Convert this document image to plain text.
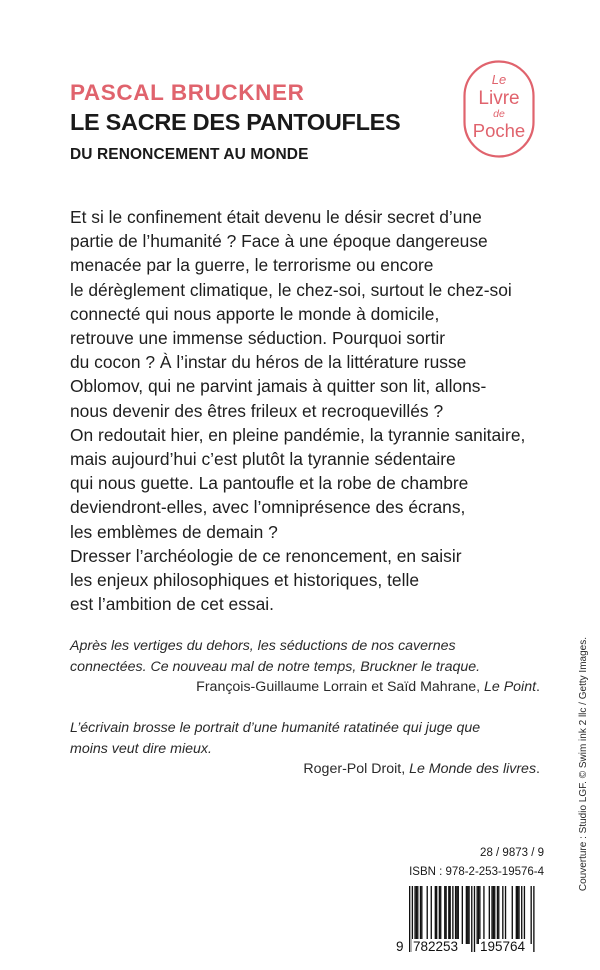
PASCAL BRUCKNER
LE SACRE DES PANTOUFLES
DU RENONCEMENT AU MONDE
Le
Livre
de
Poche

Et si le confinement était devenu le désir secret d’une
partie de l’humanité ? Face à une époque dangereuse
menacée par la guerre, le terrorisme ou encore
le dérèglement climatique, le chez-soi, surtout le chez-soi
connecté qui nous apporte le monde à domicile,
retrouve une immense séduction. Pourquoi sortir
du cocon ? À l’instar du héros de la littérature russe
Oblomov, qui ne parvint jamais à quitter son lit, allons-
nous devenir des êtres frileux et recroquevillés ?
On redoutait hier, en pleine pandémie, la tyrannie sanitaire,
mais aujourd’hui c’est plutôt la tyrannie sédentaire
qui nous guette. La pantoufle et la robe de chambre
deviendront-elles, avec l’omniprésence des écrans,
les emblèmes de demain ?
Dresser l’archéologie de ce renoncement, en saisir
les enjeux philosophiques et historiques, telle
est l’ambition de cet essai.

Après les vertiges du dehors, les séductions de nos cavernes
connectées. Ce nouveau mal de notre temps, Bruckner le traque.
François-Guillaume Lorrain et Saïd Mahrane, Le Point.
L’écrivain brosse le portrait d’une humanité ratatinée qui juge que
moins veut dire mieux.
Roger-Pol Droit, Le Monde des livres.	Couverture : Studio LGF. © Swim ink 2 llc / Getty Images.

28 / 9873 / 9

ISBN : 978-2-253-19576-4

9 782253 195764
